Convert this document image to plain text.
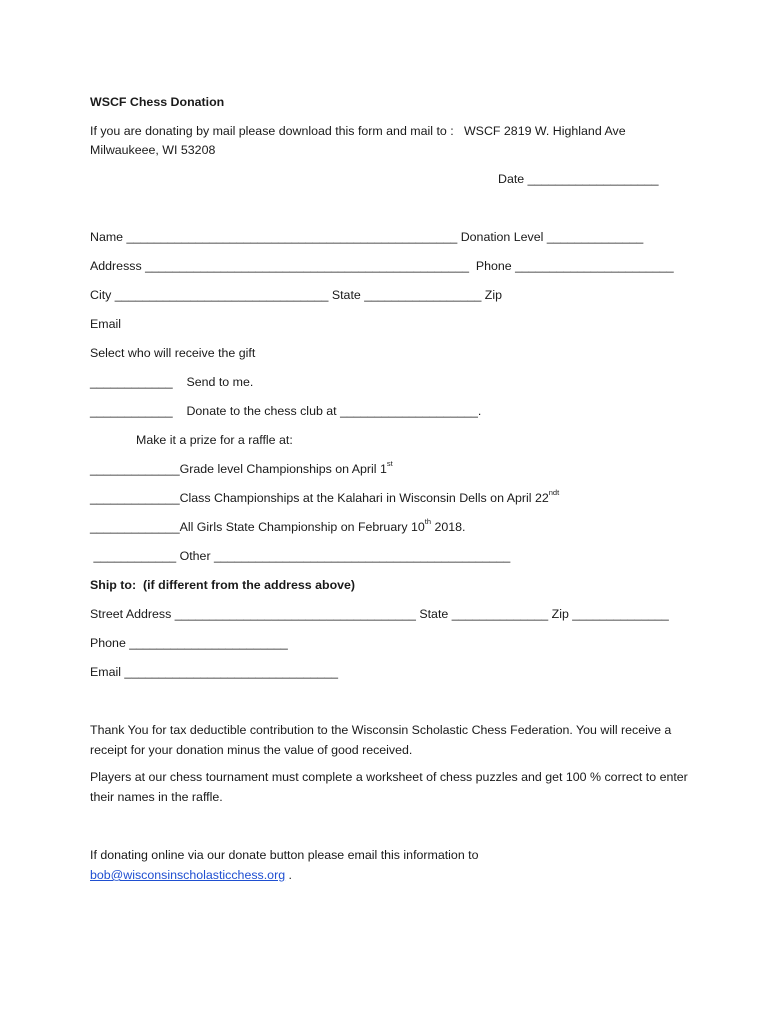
WSCF Chess Donation
If you are donating by mail please download this form and mail to :   WSCF 2819 W. Highland Ave
Milwaukeee, WI 53208
Date ___________________
Name ________________________________________________ Donation Level ______________
Addresss _______________________________________________  Phone _______________________
City _______________________________ State _________________ Zip
Email
Select who will receive the gift
____________    Send to me.
____________    Donate to the chess club at ____________________.
Make it a prize for a raffle at:
_____________Grade level Championships on April 1st
_____________Class Championships at the Kalahari in Wisconsin Dells on April $22^{ndt}$
_____________All Girls State Championship on February 10th 2018.
____________ Other ___________________________________________
Ship to:  (if different from the address above)
Street Address ___________________________________ State ______________ Zip ______________
Phone _______________________
Email _______________________________
Thank You for tax deductible contribution to the Wisconsin Scholastic Chess Federation. You will receive a receipt for your donation minus the value of good received.
Players at our chess tournament must complete a worksheet of chess puzzles and get 100 % correct to enter their names in the raffle.
If donating online via our donate button please email this information to
bob@wisconsinscholasticchess.org .
